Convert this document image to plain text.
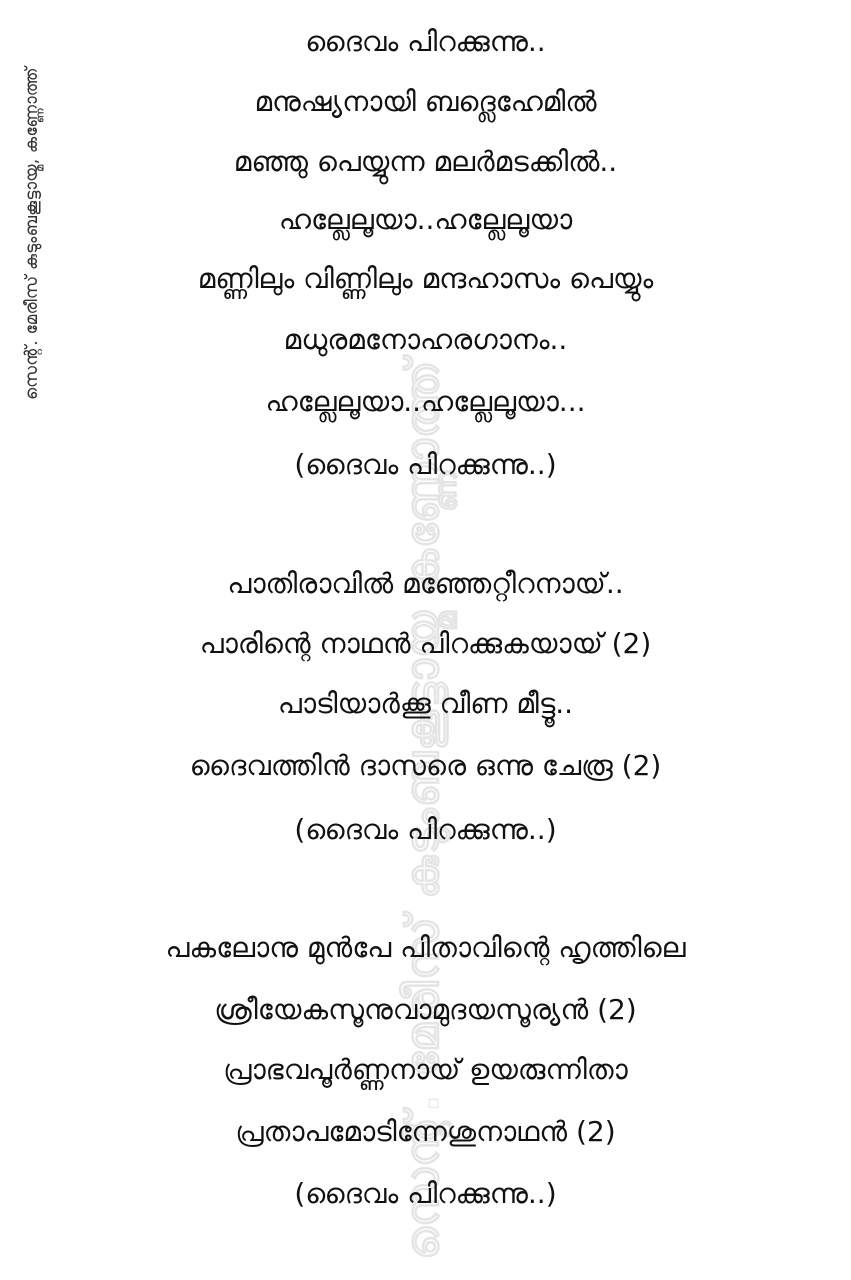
സെന്റ്. മേരീസ് കുടുംബകൂട്ടായ്മ, കണ്ണോത്ത്
സെന്റ്. മേരീസ് കുടുംബകൂട്ടായ്മ കണ്ണോത്ത്
ദൈവം പിറക്കുന്നു..
മനുഷ്യനായി ബദ്ലെഹേമിൽ
മഞ്ഞു പെയ്യുന്ന മലർമടക്കിൽ..
ഹല്ലേലൂയാ..ഹല്ലേലൂയാ
മണ്ണിലും വിണ്ണിലും മന്ദഹാസം പെയ്യും
മധുരമനോഹരഗാനം..
ഹല്ലേലൂയാ..ഹല്ലേലൂയാ...
(ദൈവം പിറക്കുന്നു..)
പാതിരാവിൽ മഞ്ഞേറ്റീറനായ്..
പാരിന്റെ നാഥൻ പിറക്കുകയായ് (2)
പാടിയാർക്കൂ വീണ മീട്ടൂ..
ദൈവത്തിൻ ദാസരെ ഒന്നു ചേരൂ (2)
(ദൈവം പിറക്കുന്നു..)
പകലോനു മുൻപേ പിതാവിന്റെ ഹൃത്തിലെ
ശ്രീയേകസൂനുവാമുദയസൂര്യൻ (2)
പ്രാഭവപൂർണ്ണനായ് ഉയരുന്നിതാ
പ്രതാപമോടിന്നേശുനാഥൻ (2)
(ദൈവം പിറക്കുന്നു..)
